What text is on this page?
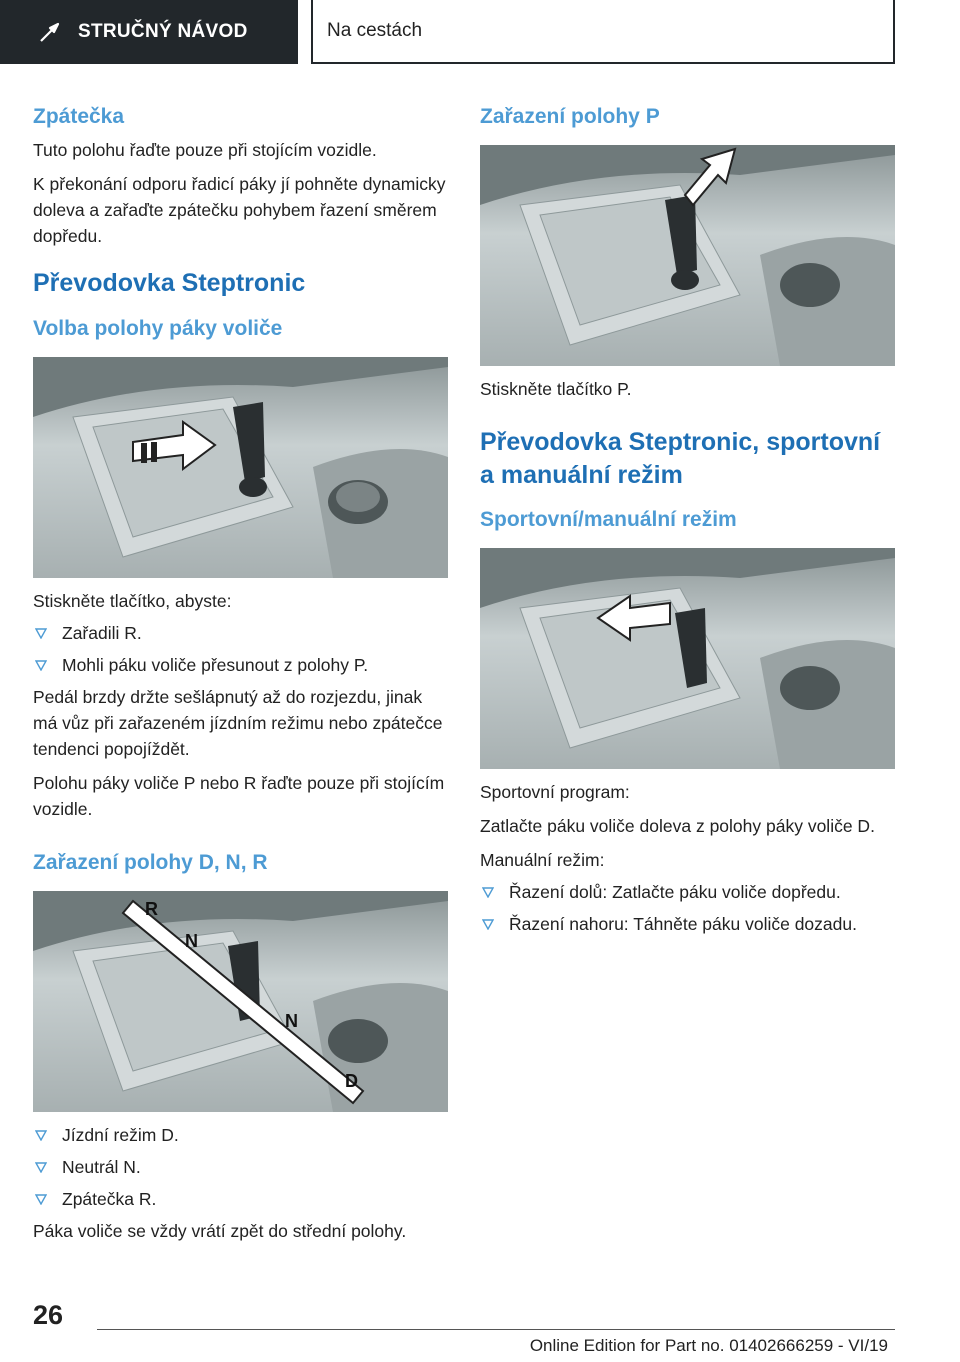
STRUČNÝ NÁVOD	Na cestách
Zpátečka

Tuto polohu řaďte pouze při stojícím vozidle.

K překonání odporu řadicí páky jí pohněte dynamicky doleva a zařaďte zpátečku pohybem řazení směrem dopředu.

Převodovka Steptronic
Volba polohy páky voliče

Stiskněte tlačítko, abyste:

Zařadili R.
Mohli páku voliče přesunout z polohy P.

Pedál brzdy držte sešlápnutý až do rozjezdu, jinak má vůz při zařazeném jízdním režimu nebo zpátečce tendenci popojíždět.

Polohu páky voliče P nebo R řaďte pouze při stojícím vozidle.

Zařazení polohy D, N, R
R
N
N
D
Jízdní režim D.
Neutrál N.
Zpátečka R.

Páka voliče se vždy vrátí zpět do střední polohy.

Zařazení polohy P

Stiskněte tlačítko P.

Převodovka Steptronic, sportovní a manuální režim
Sportovní/manuální režim

Sportovní program:

Zatlačte páku voliče doleva z polohy páky voliče D.

Manuální režim:

Řazení dolů: Zatlačte páku voliče dopředu.
Řazení nahoru: Táhněte páku voliče dozadu.
26
Online Edition for Part no. 01402666259 - VI/19
